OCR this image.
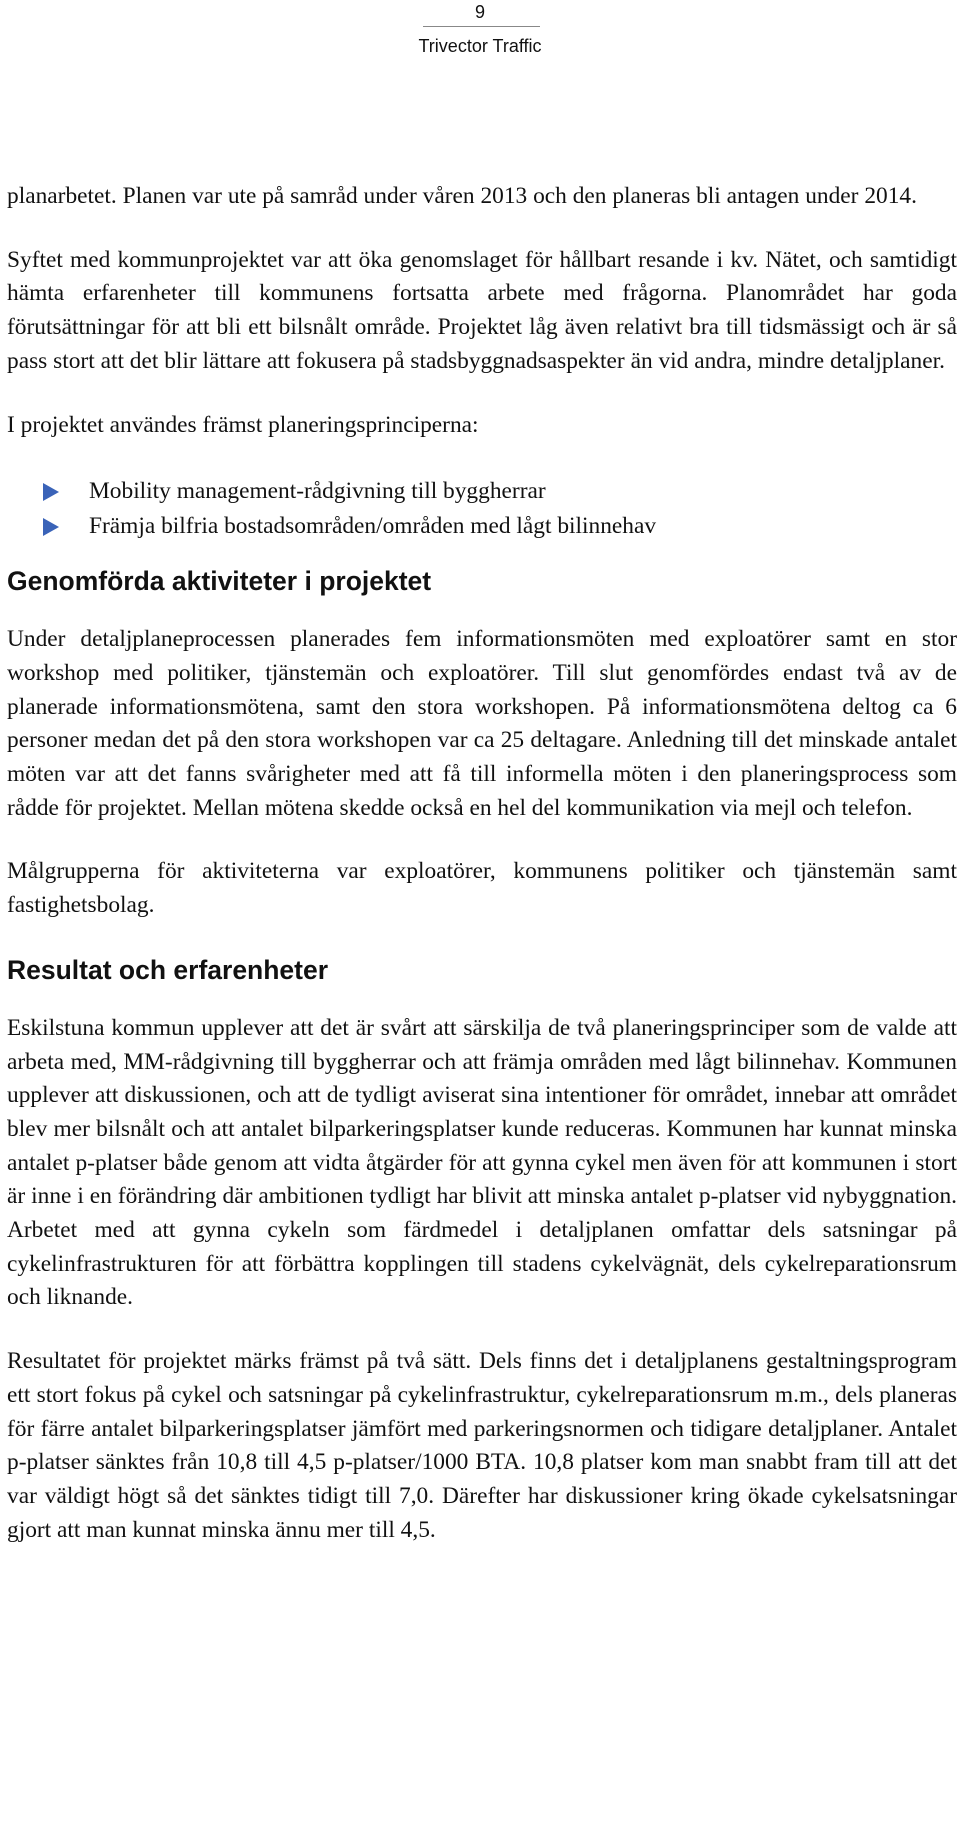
9
Trivector Traffic

planarbetet. Planen var ute på samråd under våren 2013 och den planeras bli antagen under 2014.

Syftet med kommunprojektet var att öka genomslaget för hållbart resande i kv. Nätet, och samtidigt hämta erfarenheter till kommunens fortsatta arbete med frågorna. Planområdet har goda förutsättningar för att bli ett bilsnålt område. Projektet låg även relativt bra till tidsmässigt och är så pass stort att det blir lättare att fokusera på stadsbyggnadsaspekter än vid andra, mindre detaljplaner.

I projektet användes främst planeringsprinciperna:

Mobility management-rådgivning till byggherrar
Främja bilfria bostadsområden/områden med lågt bilinnehav
Genomförda aktiviteter i projektet

Under detaljplaneprocessen planerades fem informationsmöten med exploatörer samt en stor workshop med politiker, tjänstemän och exploatörer. Till slut genomfördes endast två av de planerade informationsmötena, samt den stora workshopen. På informationsmötena deltog ca 6 personer medan det på den stora workshopen var ca 25 deltagare. Anledning till det minskade antalet möten var att det fanns svårigheter med att få till informella möten i den planeringsprocess som rådde för projektet. Mellan mötena skedde också en hel del kommunikation via mejl och telefon.

Målgrupperna för aktiviteterna var exploatörer, kommunens politiker och tjänstemän samt fastighetsbolag.

Resultat och erfarenheter

Eskilstuna kommun upplever att det är svårt att särskilja de två planeringsprinciper som de valde att arbeta med, MM-rådgivning till byggherrar och att främja områden med lågt bilinnehav. Kommunen upplever att diskussionen, och att de tydligt aviserat sina intentioner för området, innebar att området blev mer bilsnålt och att antalet bilparkeringsplatser kunde reduceras. Kommunen har kunnat minska antalet p-platser både genom att vidta åtgärder för att gynna cykel men även för att kommunen i stort är inne i en förändring där ambitionen tydligt har blivit att minska antalet p-platser vid nybyggnation. Arbetet med att gynna cykeln som färdmedel i detaljplanen omfattar dels satsningar på cykelinfrastrukturen för att förbättra kopplingen till stadens cykelvägnät, dels cykelreparationsrum och liknande.

Resultatet för projektet märks främst på två sätt. Dels finns det i detaljplanens gestaltningsprogram ett stort fokus på cykel och satsningar på cykelinfrastruktur, cykelreparationsrum m.m., dels planeras för färre antalet bilparkeringsplatser jämfört med parkeringsnormen och tidigare detaljplaner. Antalet p-platser sänktes från 10,8 till 4,5 p-platser/1000 BTA. 10,8 platser kom man snabbt fram till att det var väldigt högt så det sänktes tidigt till 7,0. Därefter har diskussioner kring ökade cykelsatsningar gjort att man kunnat minska ännu mer till 4,5.
